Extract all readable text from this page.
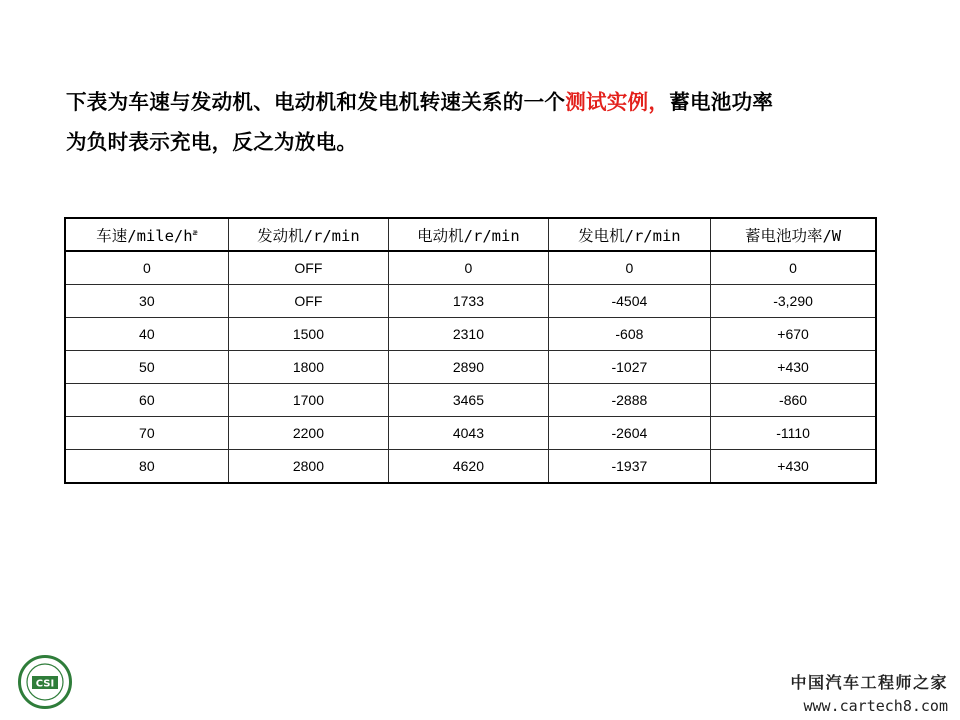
下表为车速与发动机、电动机和发电机转速关系的一个测试实例，蓄电池功率
为负时表示充电，反之为放电。
车速$/mile/h^æ$	发动机/r/min	电动机/r/min	发电机/r/min	蓄电池功率/W
0	OFF	0	0	0
30	OFF	1733	-4504	-3,290
40	1500	2310	-608	+670
50	1800	2890	-1027	+430
60	1700	3465	-2888	-860
70	2200	4043	-2604	-1110
80	2800	4620	-1937	+430
CSI	中国汽车工程师之家
www.cartech8.com
